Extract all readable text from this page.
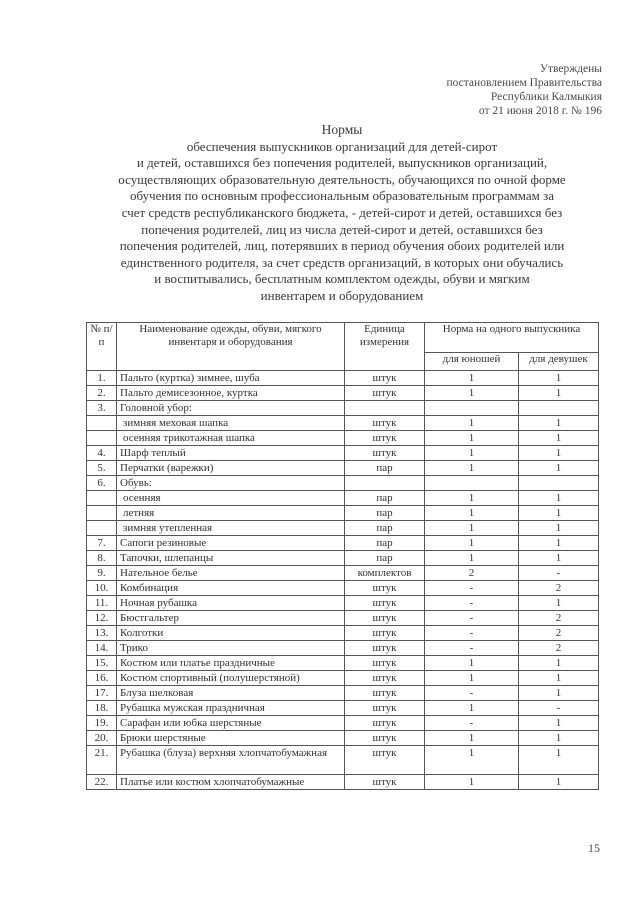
Утверждены
постановлением Правительства
Республики Калмыкия
от 21 июня 2018 г. № 196
Нормы
обеспечения выпускников организаций для детей-сирот
и детей, оставшихся без попечения родителей, выпускников организаций,
осуществляющих образовательную деятельность, обучающихся по очной форме
обучения по основным профессиональным образовательным программам за
счет средств республиканского бюджета, - детей-сирот и детей, оставшихся без
попечения родителей, лиц из числа детей-сирот и детей, оставшихся без
попечения родителей, лиц, потерявших в период обучения обоих родителей или
единственного родителя, за счет средств организаций, в которых они обучались
и воспитывались, бесплатным комплектом одежды, обуви и мягким
инвентарем и оборудованием
№ п/п	Наименование одежды, обуви, мягкого инвентаря и оборудования	Единица измерения	Норма на одного выпускника	
			для юношей	для девушек
1.	Пальто (куртка) зимнее, шуба	штук	1	1
2.	Пальто демисезонное, куртка	штук	1	1
3.	Головной убор:			
	зимняя меховая шапка	штук	1	1
	осенняя трикотажная шапка	штук	1	1
4.	Шарф теплый	штук	1	1
5.	Перчатки (варежки)	пар	1	1
6.	Обувь:			
	осенняя	пар	1	1
	летняя	пар	1	1
	зимняя утепленная	пар	1	1
7.	Сапоги резиновые	пар	1	1
8.	Тапочки, шлепанцы	пар	1	1
9.	Нательное белье	комплектов	2	-
10.	Комбинация	штук	-	2
11.	Ночная рубашка	штук	-	1
12.	Бюстгальтер	штук	-	2
13.	Колготки	штук	-	2
14.	Трико	штук	-	2
15.	Костюм или платье праздничные	штук	1	1
16.	Костюм спортивный (полушерстяной)	штук	1	1
17.	Блуза шелковая	штук	-	1
18.	Рубашка мужская праздничная	штук	1	-
19.	Сарафан или юбка шерстяные	штук	-	1
20.	Брюки шерстяные	штук	1	1
21.	Рубашка (блуза) верхняя хлопчатобумажная	штук	1	1
22.	Платье или костюм хлопчатобумажные	штук	1	1
15
